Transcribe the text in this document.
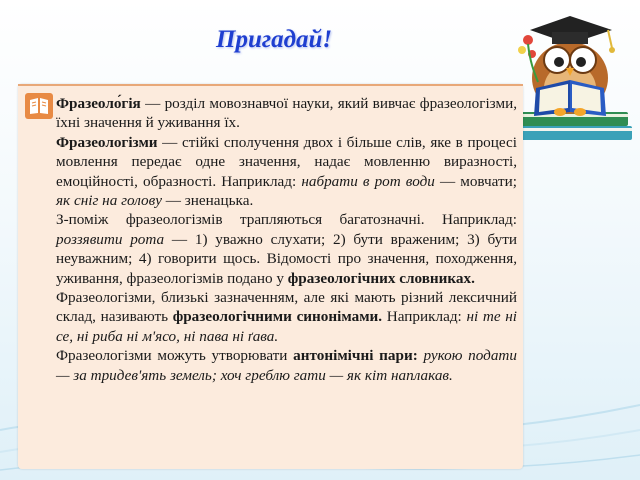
Пригадай!

Фразеоло́гія — розділ мовознавчої науки, який вивчає фразеологізми, їхні значення й уживання їх.

Фразеологізми — стійкі сполучення двох і більше слів, яке в процесі мовлення передає одне значення, надає мовленню виразності, емоційності, образності. Наприклад: набрати в рот води — мовчати; як сніг на голову — зненацька.

З-поміж фразеологізмів трапляються багатозначні. Наприклад: роззявити рота — 1) уважно слухати; 2) бути враженим; 3) бути неуважним; 4) говорити щось. Відомості про значення, походження, уживання, фразеологізмів подано у фразеологічних словниках.

Фразеологізми, близькі зазначенням, але які мають різний лексичний склад, називають фразеологічними синонімами. Наприклад: ні те ні се, ні риба ні м'ясо, ні пава ні ґава.

Фразеологізми можуть утворювати антонімічні пари: рукою подати — за тридев'ять земель; хоч греблю гати — як кіт наплакав.
